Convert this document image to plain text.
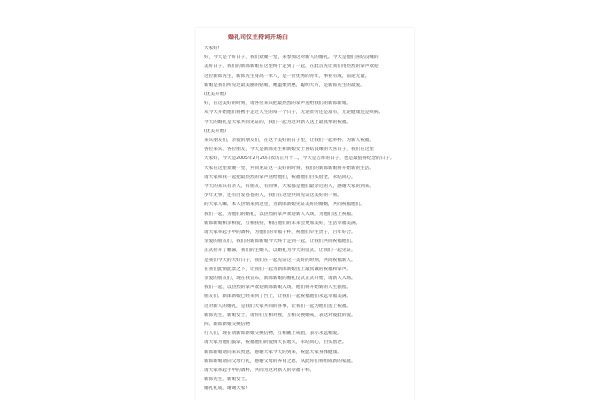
婚礼司仪主持词开场白
大家好!
好，今天是个好日子，我们欢聚一堂，来参加这对新人的婚礼。今天是他们喜结良缘的
美好日子，我们的新郎新娘在这里终于走到了一起，在此首先让我们用热烈的掌声欢迎
这位新郎先生，新郎先生身高一米八，是一位优秀的青年，事业有成，前途无量。
新娘是我们所见过最美丽的姑娘，她温柔贤惠，聪明大方，是新郎先生的最爱。
(优美开始)
好，在这美好的时刻，请各位来宾把最热烈的掌声送给我们的新郎新娘。
从今天开始他们将携手走过人生的每一个日子，无论贫穷还是富有，无论健康还是疾病。
今天的婚礼是大家共同见证的，我们一起为这对新人送上最真挚的祝福。
(优美开始)
来宾朋友们，亲爱的朋友们，在这个美好的日子里，让我们一起举杯，为新人祝福。
各位来宾，各位朋友，今天是新郎先生和新娘女士喜结良缘的大喜日子，我们在这里
大家好，今天是2005年2月20日农历正月十二，今天是吉祥的日子，也是最值得纪念的日子。
大家在这里欢聚一堂，共同见证这一美好的时刻，我们的新郎新娘将开始新的生活。
请大家和我一起把最热烈的掌声送给他们，祝福他们白头偕老，永结同心。
今天的来宾有亲人、有朋友、有同事，大家都是他们最亲近的人，感谢大家的到来。
少年无事，还有白发苍苍的人，我们在这里共同见证这美好的一刻。
的大家人嘛，本人热情来到这里，为新郎新娘见证美好的婚姻，共同祝福他们。
我们一起，为他们的婚礼，以热烈的掌声欢迎新人入场，为他们送上祝福。
新郎新娘相亲相爱，互相扶持，相信他们的未来会更加美好，生活幸福美满。
请大家举起手中的酒杯，为他们的幸福干杯，祝他们早生贵子，百年好合。
亲爱的朋友们，我们的新郎新娘今天终于走到一起，让我们共同祝福他们。
正式拉开了帷幕，我们的主婚人，以婚礼为今天的仪式，让我们一起见证。
是我们今天的大好日子，我们在一起见证这一美好的时刻，共同祝福新人。
在我们此情此景之下，让我们一起为新郎新娘送上最真诚的祝福和掌声。
亲爱的朋友们，现在我宣布，新郎新娘的婚礼仪式正式开始，请新人入场。
我们一起，以热烈的掌声欢迎新郎新娘入场，他们将开始新的人生旅程。
朋友们，新郎新娘已经来到了台上，让我们一起祝福他们永远幸福美满。
这对新人的婚礼，是我们大家共同的喜事，让我们一起为他们送上祝福。
新郎先生，新娘女士，请你们互相对视，互相交换婚戒，表达对彼此的爱。
四、新郎新娘交换信物
行人们，现在请新郎新娘交换信物，互相戴上戒指，表示永远相爱。
请大家为他们鼓掌，祝福他们的爱情天长地久，永结同心，白头偕老。
新郎新娘请向来宾致意，感谢大家今天的到来，祝愿大家身体健康。
新郎新娘请向父母行礼，感谢父母的养育之恩，从此你们将组成新的家庭。
请大家举起手中的酒杯，共同为这对新人的幸福干杯。
新郎先生，新娘女士。
婚礼礼成，谢谢大家!
